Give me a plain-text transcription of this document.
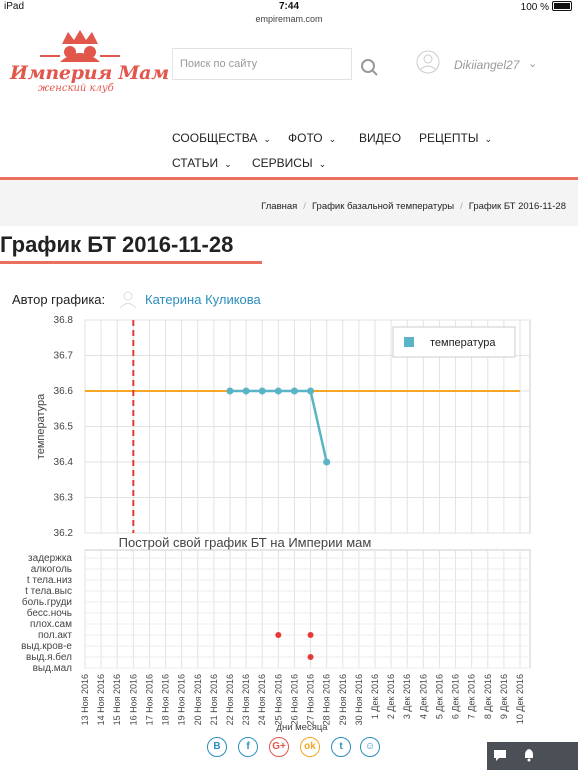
iPad	7:44	100 %
empiremam.com
Империя Мам
женский клуб
Поиск по сайту	Dikiiangel27 ⌄
СООБЩЕСТВА ⌄ ФОТО ⌄ ВИДЕО РЕЦЕПТЫ ⌄
СТАТЬИ ⌄ СЕРВИСЫ ⌄
Главная / График базальной температуры / График БТ 2016-11-28
График БТ 2016-11-28
Автор графика:	Катерина Куликова
36.8
36.7
36.6
36.5
36.4
36.3
36.2
температура
температура
задержка
алкоголь
t тела.низ
t тела.выс
боль.груди
бесс.ночь
плох.сам
пол.акт
выд.кров-е
выд.я.бел
выд.мал
Построй свой график БТ на Империи мам
13 Ноя 2016 14 Ноя 2016 15 Ноя 2016 16 Ноя 2016 17 Ноя 2016 18 Ноя 2016 19 Ноя 2016 20 Ноя 2016 21 Ноя 2016 22 Ноя 2016 23 Ноя 2016 24 Ноя 2016 25 Ноя 2016 26 Ноя 2016 27 Ноя 2016 28 Ноя 2016 29 Ноя 2016 30 Ноя 2016 1 Дек 2016 2 Дек 2016 3 Дек 2016 4 Дек 2016 5 Дек 2016 6 Дек 2016 7 Дек 2016 8 Дек 2016 9 Дек 2016 10 Дек 2016
дни месяца
В	f	G+	ok	t	☺
